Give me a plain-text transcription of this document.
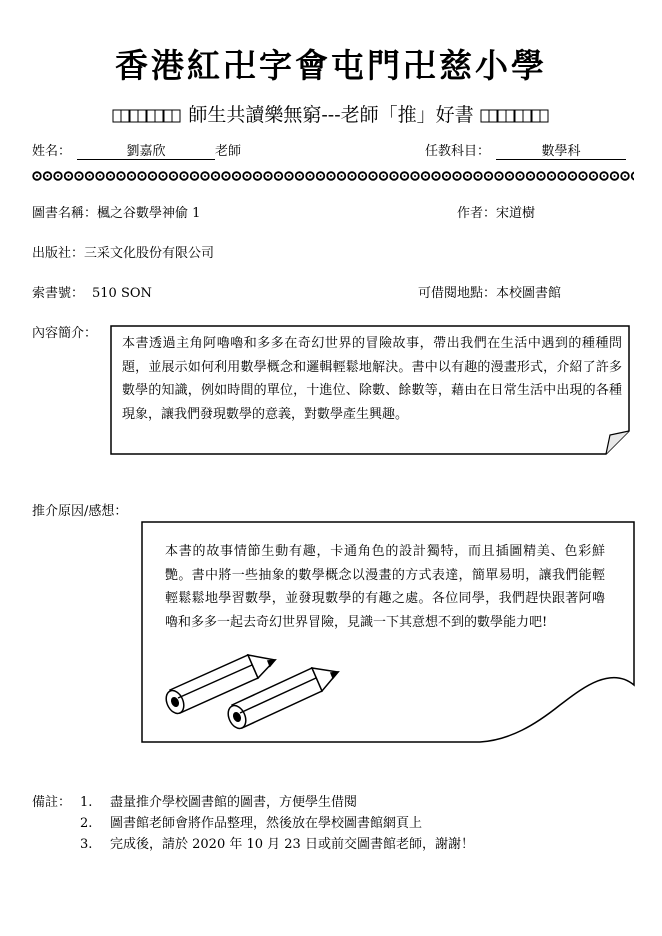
香港紅卍字會屯門卍慈小學
師生共讀樂無窮---老師「推」好書
姓名：	劉嘉欣	老師	任教科目：	數學科
圖書名稱：楓之谷數學神偷 1	作者：宋道樹
出版社：三采文化股份有限公司
索書號： 510 SON	可借閱地點：本校圖書館
內容簡介：
本書透過主角阿嚕嚕和多多在奇幻世界的冒險故事，帶出我們在生活中遇到的種種問題，並展示如何利用數學概念和邏輯輕鬆地解決。書中以有趣的漫畫形式，介紹了許多數學的知識，例如時間的單位，十進位、除數、餘數等，藉由在日常生活中出現的各種現象，讓我們發現數學的意義，對數學產生興趣。
推介原因/感想：
本書的故事情節生動有趣，卡通角色的設計獨特，而且插圖精美、色彩鮮艷。書中將一些抽象的數學概念以漫畫的方式表達，簡單易明，讓我們能輕輕鬆鬆地學習數學，並發現數學的有趣之處。各位同學，我們趕快跟著阿嚕嚕和多多一起去奇幻世界冒險，見識一下其意想不到的數學能力吧!
備註： 1.	盡量推介學校圖書館的圖書，方便學生借閱
2.	圖書館老師會將作品整理，然後放在學校圖書館網頁上
3.	完成後，請於 2020 年 10 月 23 日或前交圖書館老師，謝謝！
